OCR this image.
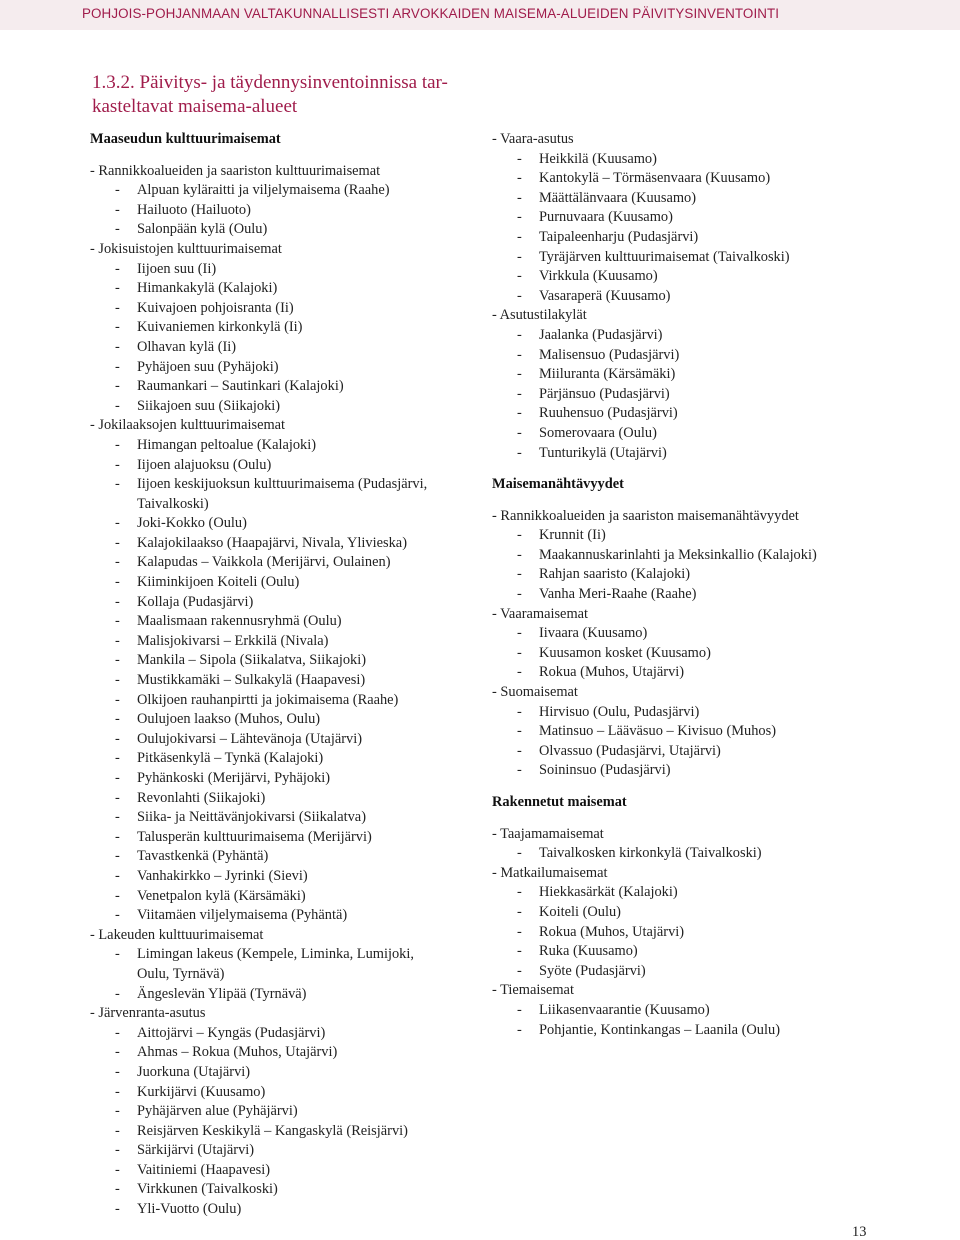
POHJOIS-POHJANMAAN VALTAKUNNALLISESTI ARVOKKAIDEN MAISEMA-ALUEIDEN PÄIVITYSINVENTOINTI
1.3.2. Päivitys- ja täydennysinventoinnissa tar-
kasteltavat maisema-alueet
Maaseudun kulttuurimaisemat
- Rannikkoalueiden ja saariston kulttuurimaisemat
- Alpuan kyläraitti ja viljelymaisema (Raahe)
- Hailuoto (Hailuoto)
- Salonpään kylä (Oulu)
- Jokisuistojen kulttuurimaisemat
- Iijoen suu (Ii)
- Himankakylä (Kalajoki)
- Kuivajoen pohjoisranta (Ii)
- Kuivaniemen kirkonkylä (Ii)
- Olhavan kylä (Ii)
- Pyhäjoen suu (Pyhäjoki)
- Raumankari – Sautinkari (Kalajoki)
- Siikajoen suu (Siikajoki)
- Jokilaaksojen kulttuurimaisemat
- Himangan peltoalue (Kalajoki)
- Iijoen alajuoksu (Oulu)
- Iijoen keskijuoksun kulttuurimaisema (Pudasjärvi,
Taivalkoski)
- Joki-Kokko (Oulu)
- Kalajokilaakso (Haapajärvi, Nivala, Ylivieska)
- Kalapudas – Vaikkola (Merijärvi, Oulainen)
- Kiiminkijoen Koiteli (Oulu)
- Kollaja (Pudasjärvi)
- Maalismaan rakennusryhmä (Oulu)
- Malisjokivarsi – Erkkilä (Nivala)
- Mankila – Sipola (Siikalatva, Siikajoki)
- Mustikkamäki – Sulkakylä (Haapavesi)
- Olkijoen rauhanpirtti ja jokimaisema (Raahe)
- Oulujoen laakso (Muhos, Oulu)
- Oulujokivarsi – Lähtevänoja (Utajärvi)
- Pitkäsenkylä – Tynkä (Kalajoki)
- Pyhänkoski (Merijärvi, Pyhäjoki)
- Revonlahti (Siikajoki)
- Siika- ja Neittävänjokivarsi (Siikalatva)
- Talusperän kulttuurimaisema (Merijärvi)
- Tavastkenkä (Pyhäntä)
- Vanhakirkko – Jyrinki (Sievi)
- Venetpalon kylä (Kärsämäki)
- Viitamäen viljelymaisema (Pyhäntä)
- Lakeuden kulttuurimaisemat
- Limingan lakeus (Kempele, Liminka, Lumijoki,
Oulu, Tyrnävä)
- Ängeslevän Ylipää (Tyrnävä)
- Järvenranta-asutus
- Aittojärvi – Kyngäs (Pudasjärvi)
- Ahmas – Rokua (Muhos, Utajärvi)
- Juorkuna (Utajärvi)
- Kurkijärvi (Kuusamo)
- Pyhäjärven alue (Pyhäjärvi)
- Reisjärven Keskikylä – Kangaskylä (Reisjärvi)
- Särkijärvi (Utajärvi)
- Vaitiniemi (Haapavesi)
- Virkkunen (Taivalkoski)
- Yli-Vuotto (Oulu)
- Vaara-asutus
- Heikkilä (Kuusamo)
- Kantokylä – Törmäsenvaara (Kuusamo)
- Määttälänvaara (Kuusamo)
- Purnuvaara (Kuusamo)
- Taipaleenharju (Pudasjärvi)
- Tyräjärven kulttuurimaisemat (Taivalkoski)
- Virkkula (Kuusamo)
- Vasaraperä (Kuusamo)
- Asutustilakylät
- Jaalanka (Pudasjärvi)
- Malisensuo (Pudasjärvi)
- Miiluranta (Kärsämäki)
- Pärjänsuo (Pudasjärvi)
- Ruuhensuo (Pudasjärvi)
- Somerovaara (Oulu)
- Tunturikylä (Utajärvi)
Maisemanähtävyydet
- Rannikkoalueiden ja saariston maisemanähtävyydet
- Krunnit (Ii)
- Maakannuskarinlahti ja Meksinkallio (Kalajoki)
- Rahjan saaristo (Kalajoki)
- Vanha Meri-Raahe (Raahe)
- Vaaramaisemat
- Iivaara (Kuusamo)
- Kuusamon kosket (Kuusamo)
- Rokua (Muhos, Utajärvi)
- Suomaisemat
- Hirvisuo (Oulu, Pudasjärvi)
- Matinsuo – Lääväsuo – Kivisuo (Muhos)
- Olvassuo (Pudasjärvi, Utajärvi)
- Soininsuo (Pudasjärvi)
Rakennetut maisemat
- Taajamamaisemat
- Taivalkosken kirkonkylä (Taivalkoski)
- Matkailumaisemat
- Hiekkasärkät (Kalajoki)
- Koiteli (Oulu)
- Rokua (Muhos, Utajärvi)
- Ruka (Kuusamo)
- Syöte (Pudasjärvi)
- Tiemaisemat
- Liikasenvaarantie (Kuusamo)
- Pohjantie, Kontinkangas – Laanila (Oulu)
13
